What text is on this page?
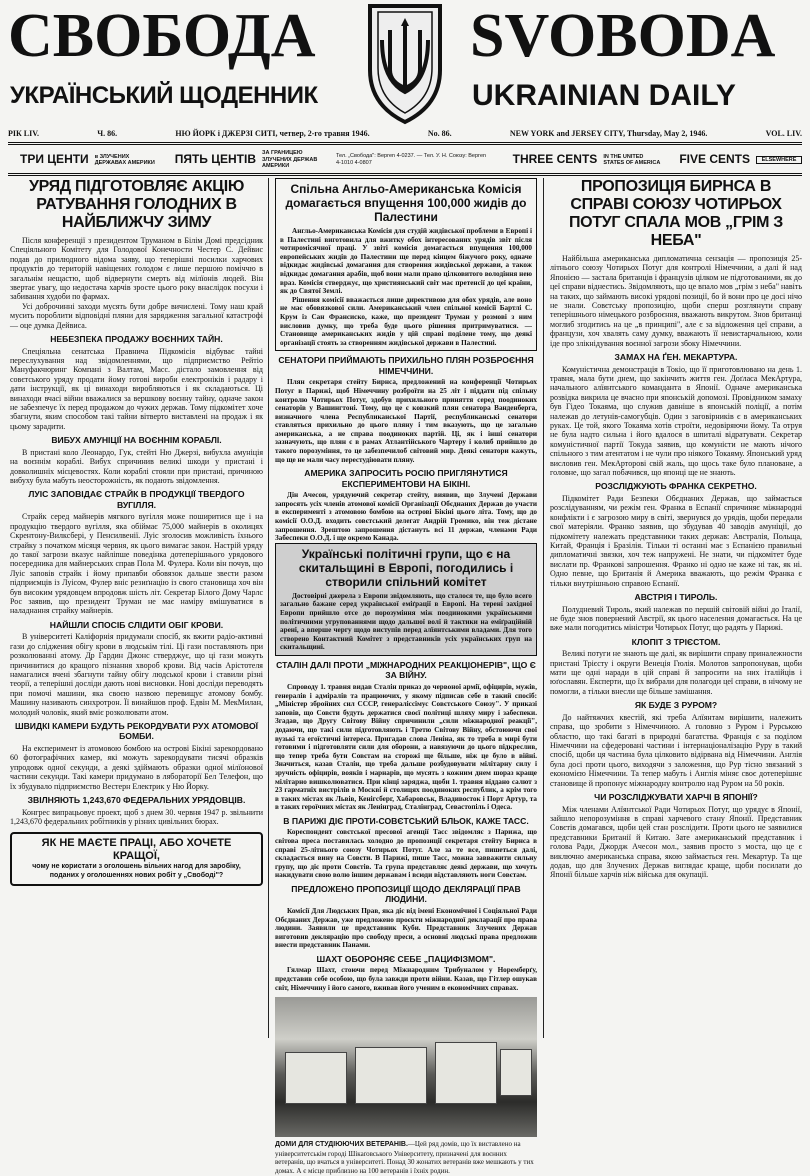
СВОБОДА SVOBODA
УКРАЇНСЬКИЙ ЩОДЕННИК	UKRAINIAN DAILY
РІК LIV.	Ч. 86.	НЮ ЙОРК і ДЖЕРЗІ СИТІ, четвер, 2-го травня 1946.	No. 86.	NEW YORK and JERSEY CITY, Thursday, May 2, 1946.	VOL. LIV.
ТРИ ЦЕНТИ в ЗЛУЧЕНИХ ДЕРЖАВАХ АМЕРИКИ	ПЯТЬ ЦЕНТІВ ЗА ГРАНИЦЕЮ ЗЛУЧЕНИХ ДЕРЖАВ АМЕРИКИ
Тел. „Свобода": Bергеn 4-0237. — Тел. У. Н. Союзу: Bергеn 4-1010 4-0807	THREE CENTS IN THE UNITED STATES OF AMERICA	FIVE CENTS	ELSEWHERE
УРЯД ПІДГОТОВЛЯЄ АКЦІЮ РАТУВАННЯ ГОЛОДНИХ В НАЙБЛИЖЧУ ЗИМУ

Після конференції з президентом Труманом в Білім Домі предсідник Спеціяльного Комітету для Голодової Конечности Честер С. Дейвис подав до прилюдного відома заяву, що теперішні посилки харчових продуктів до територій навіщених голодом є лише першою поміччю в загальнім нещастю, щоб відвернути смерть від мілїонів людей. Він звертає увагу, що недостача харчів зросте цього року внаслідок посухи і забивання худоби по фармах.

Усі доброчинні заходи мусять бути добре вичислені. Тому наш край мусить пороблити відповідні пляни для зарядження загальної катастрофі — оце думка Дейвиса.

НЕБЕЗПЕКА ПРОДАЖУ ВОЄННИХ ТАЙН.

Спеціяльна сенатська Правнича Підкомісія відбуває тайні переслухування над звідомленнями, що підприємство Рейтіо Мануфакчюринг Компані з Валтам, Масс. дістало замовлення від совєтського уряду продати йому готові вироби електроніків і радару і дати інструкції, як ці винаходи виробляються і як складаються. Ці винаходи вчасі війни вважалися за вершкову воєнну тайну, одначе закон не забезпечує їх перед продажом до чужих держав. Тому підкомітет хоче збагнути, яким способом такі тайни вітверто виставлені на продаж і як цьому зарадити.

ВИБУХ АМУНІЦІЇ НА ВОЄННІМ КОРАБЛІ.

В пристані коло Леонардо, Гук, стейті Ню Джерзі, вибухла амуніція на воєннім кораблі. Вибух спричинив великі шкоди у пристані і довколишніх місцевостях. Коли кораблі стояли при пристані, причиною вибуху була мабуть неосторожність, як подають звідомлення.

ЛУІС ЗАПОВІДАЄ СТРАЙК В ПРОДУКЦІЇ ТВЕРДОГО ВУГІЛЛЯ.

Страйк серед майнерів мягкого вугілля може поширитися ще і на продукцію твердого вугілля, яка обіймає 75,000 майнерів в околицях Скрентону-Вилксбері, у Пенсилвенії. Луіс зголосив можливість їхнього страйку з початком місяця червня, як цього вимагає закон. Настрій уряду до такої загрози вказує найліпше поведінка дотеперішнього урядового посередника для майнерських справ Пола М. Фулера. Коли він почув, що Луіс заповів страйк і йому припавби обовязок дальше звести разом підприємців із Луісом, Фулер вніс резиґнацію із свого становища хоч він був високим урядовцем впродовж шість літ. Секретар Білого Дому Чарлс Рос заявив, що президент Труман не має наміру вмішуватися в наладнання страйку майнерів.

НАЙШЛИ СПОСІБ СЛІДИТИ ОБІГ КРОВИ.

В університеті Каліфорнія придумали спосіб, як вжити радіо-активні гази до сліджения обігу крови в людськім тілі. Ці гази поставляють при розколюванні атому. Др Гардин Джонс стверджує, що ці гази можуть причинитися до кращого пізнання хвороб крови. Від часів Арістотеля намагалися вчені збагнути тайну обігу людської крови і ставили різні теорії, а теперішні досліди дають нові висновки. Нові досліди переводять при помочі машини, яка своєю назвою перевищує атомову бомбу. Машину називають синхротрон. Її винайшов проф. Едвін М. МекМилан, молодий чоловік, який вміє розколювати атом.

ШВИДКІ КАМЕРИ БУДУТЬ РЕКОРДУВАТИ РУХ АТОМОВОЇ БОМБИ.

На експеримент із атомовою бомбою на острові Бікіні зарекордовано 60 фотографічних камер, які можуть зарекордувати тисячі образків упродовж одної секунди, а деякі здіймають образки одної мілїонової частини секунди. Такі камери придумано в лябораторії Бел Телефон, що їх збудувало підприємство Вестерн Електрик у Ню Йорку.

ЗВІЛНЯЮТЬ 1,243,670 ФЕДЕРАЛЬНИХ УРЯДОВЦІВ.

Конгрес випрацьовує проект, щоб з днем 30. червня 1947 р. звільнити 1,243,670 федеральних робітників у різних цивільних бюрах.

ЯК НЕ МАЄТЕ ПРАЦІ, АБО ХОЧЕТЕ КРАЩОЇ,
чому не користати з оголошень вільних нагод для заробіку, поданих у оголошеннях нових робіт у „Свободі"?
Спільна Англьо-Американська Комісія домагається впущення 100,000 жидів до Палестини

Англьо-Американська Комісія для студій жидівської проблеми в Европі і в Палестині виготовила для вжитку обох інтересованих урядів звіт після чотиромісячної праці. У звіті комісія домагається впущення 100,000 европейських жидів до Палестини ще перед кінцем біжучого року, одначе відкидає жидівські домагання для створення жидівської держави, а також відкидає домагання арабів, щоб вони мали право цілковитого володіння нею враз. Комісія стверджує, що християнський світ має претенсії до цеї країни, як до Святої Землі.

Рішення комісії вважається лише директивою для обох урядів, але воно не має обовязкової сили. Американський член спільної комісії Бартлі С. Крум із Сан Франсиско, каже, що президент Труман у розмові з ним висловив думку, що треба буде цього рішення притримуватися. — Становище американських жидів у цій справі поділене тому, що деякі організації стоять за створенням жидівської держави в Палестині.

СЕНАТОРИ ПРИЙМАЮТЬ ПРИХИЛЬНО ПЛЯН РОЗБРОЄННЯ НІМЕЧЧИНИ.

Плян секретаря стейту Бирнса, предложений на конференції Чотирьох Потуг в Парижі, щоб Німеччину розброїти на 25 літ і піддати під спільну контролю Чотирьох Потуг, здобув прихильного приняття серед поодиноких сенаторів у Вашингтоні. Тому, що це є ковзкий плян сенатора Ванденберга, визначного члена Республиканської Партії, республиканські сенатори ставляться прихильно до цього пляну і тим вказують, що це загально американська, а не справа поодиноких партій. Ці, як і інші сенатори зазначують, що плян є в рамах Атлантійського Чартеру і колиб прийшло до такого порозуміння, то це забезпечилоб світовий мир. Деякі сенатори кажуть, що ще не мали часу перестудіювати пляну.

АМЕРИКА ЗАПРОСИТЬ РОСІЮ ПРИГЛЯНУТИСЯ ЕКСПЕРИМЕНТОВИ НА БІКІНІ.

Дін Ачесон, урядуючий секретар стейту, виявив, що Злучені Держави запросять усіх членів атомової комісії Організації Обєднаних Держав до участи в експерименті з атомовою бомбою на острові Бікіні цього літа. Тому, що до комісії О.О.Д. входить совєтський делегат Андрій Громико, він теж дістане запрошення. Зрештою запрошення дістануть всі 11 держав, членами Ради Забеспеки О.О.Д. і ще окремо Канада.

Українські політичні групи, що є на скитальщині в Европі, погодились і створили спільний комітет

Достовірні джерела з Европи звідомляють, що сталося те, що було всего загально бажане серед української еміґрації в Европі. На терені західної Европи прийшло отсе до порозуміння між поодинокими українськими політичними угрупованнями щодо дальшої волі й тактики на еміґраційній арені, а вперше чергу щодо виступів перед алїянтськими владами. Для того створено Контактний Комітет з представників усіх українських груп на скитальщині.

СТАЛІН ДАЛІ ПРОТИ „МІЖНАРОДНИХ РЕАКЦІОНЕРІВ", ЩО Є ЗА ВІЙНУ.

Спроводу 1. травня видав Сталін приказ до червоної армії, офіцирів, мужів, генералів і адміралів та працюючих, у якому підписав себе в такий спосіб: „Міністер збройних сил СССР, генераліссімус Совєтського Союзу". У приказі заповів, що Совєти будуть держатися своєї політиці шляху миру і забеспеки. Згадав, що Другу Світову Війну спричинили „сили міжнародної реакції", додаючи, що такі сили підготовляють і Третю Світову Війну, обстоюючи свої вузькі та егоїстичні інтереса. Пригадав слова Леніна, як то треба в мирі бути готовими і підготовляти сили для оборони, а навязуючи до цього підкреслив, що тепер треба бути Совєтам на сторожі ще більше, ніж це було в війні. Значиться, казав Сталін, що треба дальше розбудовувати мілітарну силу і зручність офіцирів, вояків і марнарів, що мусять з кожним днем шораз краще мілітарно вишколюватися. При кінці заряджа, щоби 1. травня віддано салют з 23 гарматніх вистрілів в Москві й столицях поодиноких республик, а крім того в таких містах як Львів, Кенігсберг, Хабаровськ, Владивосток і Порт Артур, та в таких героїчних містах як Ленінград, Сталінград, Севастопіль і Одеса.

В ПАРИЖІ ДІЄ ПРОТИ-СОВЄТСЬКИЙ БЛЬОК, КАЖЕ ТАСС.

Кореспондент совєтської пресової агенції Тасс звідомляє з Парижа, що світова преса поставилась холодно до пропозиції секретаря стейту Бирнса в справі 25-літнього союзу Чотирьох Потуг. Але за те все, пишеться далі, складається вину на Совєти. В Парижі, пише Тасс, можна завважити сильну групу, що діє проти Совєтів. Та група представляє деякі держави, що хочуть накидувати свою волю іншим державам і всюди відставляють ноги Совєтам.

ПРЕДЛОЖЕНО ПРОПОЗИЦІЇ ЩОДО ДЕКЛЯРАЦІЇ ПРАВ ЛЮДИНИ.

Комісії Для Людських Прав, яка діє від імені Економічної і Соціяльної Ради Обєднаних Держав, уже предложено проєкти міжнародної декларації про права людини. Заявили це представник Куби. Представник Злучених Держав виготовив деклярацію про свободу преси, а основні людські права предложив внести представник Панами.

ШАХТ ОБОРОНЯЄ СЕБЕ „ПАЦИФІЗМОМ".

Гялмар Шахт, стоючи перед Міжнародним Трибуналом у Норемберґу, представив себе особою, що була завжди проти війни. Казав, що Гітлер ошукав світ, Німеччину і його самого, вживав його ученим в економічних справах.

ДОМИ ДЛЯ СТУДІЮЮЧИХ ВЕТЕРАНІВ.—Цей ряд домів, що їх виставлено на університетськім городі Шікаґовського Університету, призначені для воєнних ветеранів, що вчаться в університеті. Понад 30 жонатих ветеранів вже мешкають у тих домах. А є місце приблизно на 100 ветеранів і їхніх родин.
ПРОПОЗИЦІЯ БИРНСА В СПРАВІ СОЮЗУ ЧОТИРЬОХ ПОТУГ СПАЛА МОВ „ГРІМ З НЕБА"

Найбільша американська дипломатична сензація — пропозиція 25-літнього союзу Чотирьох Потуг для контролі Німеччини, а далі й над Японією — застала британців і французів цілком не підготованими, як до цеї справи віднестись. Звідомляють, що це впало мов „грім з неба" навіть на таких, що займають високі урядові позиції, бо й вони про це досі нічо не знали. Совєтську пропозицію, щоби сперш розглянути справу теперішнього німецького розброєння, вважають викрутом. Знов британці моглиб згодитись на це „в принципі", але є за відложення цеї справи, а французи, хоч хвалять саму думку, вважають її невистарчальною, коли іде про злікнідування воєнної загрози збоку Німеччини.

ЗАМАХ НА ҐЕН. МЕКАРТУРА.

Комуністична демонстрація в Токіо, що її приготовлювано на день 1. травня, мала бути днем, що закінчить життя ген. Доґласа МекАртура, начального алїянтського команданта в Японії. Одначе американська розвідка викрила це вчасно при японській допомозі. Провідником замаху був Гідео Токаяма, що служив давніше в японській поліції, а потім належав до летунів-самогубців. Один з заговірників є в американських руках. Це той, якого Токаяма хотів строїти, недовіряючи йому. Та отруя не була надто сильна і його вдалося в шпиталі відратувати. Секретар комуністичної партії Токуда заявив, що комуністи не мають нічого спільного з тим атентатом і не чули про ніякого Токаяму. Японський уряд висловив ген. МекАрторові свій жаль, що щось таке було плановане, а головне, що загал побачився, що японці ще не знають.

РОЗСЛІДЖУЮТЬ ФРАНКА СЕКРЕТНО.

Підкомітет Ради Безпеки Обєднаних Держав, що займається розслідуванням, чи режім ген. Франка в Еспанії спричиняє міжнародні конфлікти і є загрозою миру в світі, звернувся до урядів, щоби передали свої матеріяли. Франко заявив, що збудував 40 заводів амуніції, до підкомітету належать представники таких держав: Австралія, Польща, Китай, Франція і Бразілія. Тільки ті останні має з Еспанією правильні дипломатичні звязки, хоч теж напружені. Не знати, чи підкомітет буде вислати пр. Франкові запрошення. Франко ні одно не каже ні так, як ні. Одно певне, що Британія й Америка вважають, що режім Франка є тільки внутрішньою справою Еспанії.

АВСТРІЯ І ТИРОЛЬ.

Полудневий Тироль, який належав по першій світовій війні до Італії, не буде знов повернений Австрії, як цього населення домагається. На це вже мали погодитись міністри Чотирьох Потуг, що радять у Парижі.

КЛОПІТ З ТРІЄСТОМ.

Великі потуги не знають ще далі, як вирішити справу приналежности пристані Трієсту і округи Венеція Гюлія. Молотов запропонував, щоби мати ще одні наради в цій справі й запросити на них італійців і юґославян. Експерти, що їх вибрали для полагоди цеї справи, в нічому не помогли, а тільки внесли ще більше замішання.

ЯК БУДЕ З РУРОМ?

До найтяжчих квестій, які треба Алїянтам вирішити, належить справа, що зробити з Німеччиною. А головно з Руром і Рурською областю, що такі багаті в природні багатства. Франція є за поділом Німеччини на сфедеровані частини і інтернаціоналізацію Руру в такий спосіб, щоби ця частина була цілковито відірвана від Німеччини. Англія була досі проти цього, виходячи з заложення, що Рур тісно звязаний з економією Німеччини. Та тепер мабуть і Англія міняє своє дотеперішнє становище й пропонує міжнародну контролю над Руром на 50 років.

ЧИ РОЗСЛІДЖУВАТИ ХАРЧІ В ЯПОНІЇ?

Між членами Алїянтської Ради Чотирьох Потуг, що урядує в Японії, зайшло непорозуміння в справі харчевого стану Японії. Представник Совєтів домагався, щоби цей стан розслідити. Проти цього не заявилися представники Британії й Китаю. Зате американський представник і голова Ради, Джордж Ачесон мол., заявив просто з моста, що це є виключно американська справа, якою займається ген. Мекартур. Та ще додав, що для Злучених Держав виглядає краще, щоби посилати до Японії більше харчів ніж війська для окупації.
